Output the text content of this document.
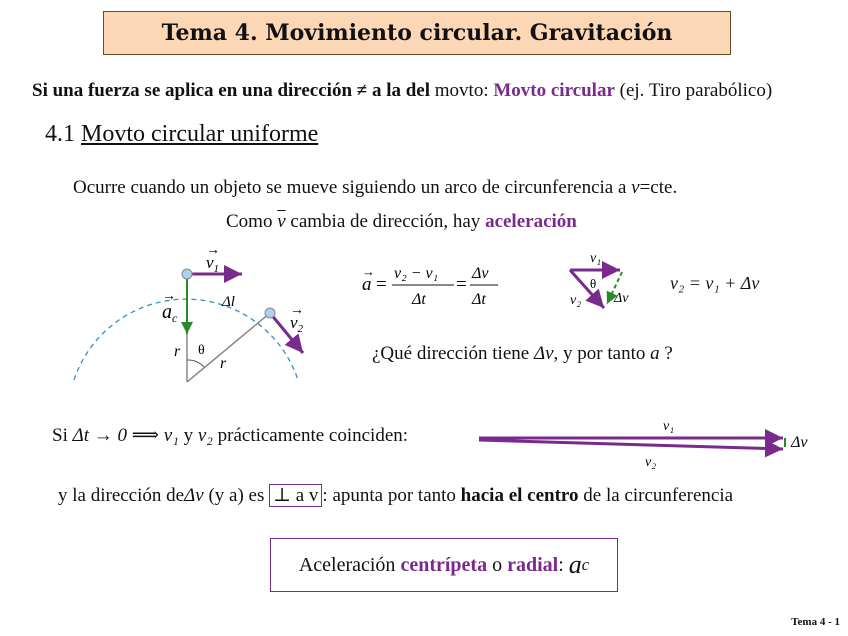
Tema 4. Movimiento circular. Gravitación
Si una fuerza se aplica en una dirección ≠ a la del movto: Movto circular (ej. Tiro parabólico)
4.1 Movto circular uniforme
Ocurre cuando un objeto se mueve siguiendo un arco de circunferencia a v=cte.
Como $\overline{v}$ cambia de dirección, hay aceleración
$v_1$
→
$v_2$
→
$a_c$
→	Δl
r
r
θ
a
→
=
v₂ − v₁
Δt
=
Δv
Δt
v₁
v₂ Δv
θ	v₂ = v₁ + Δv
¿Qué dirección tiene Δv, y por tanto a ?
Si Δt → 0 ⟹ v₁ y v₂ prácticamente coinciden:	v₁
v₂
Δv
y la dirección deΔv (y a) es ⊥ a v : apunta por tanto hacia el centro de la circunferencia
Aceleración
centrípeta
o
radial :
a c
Tema 4 - 1
